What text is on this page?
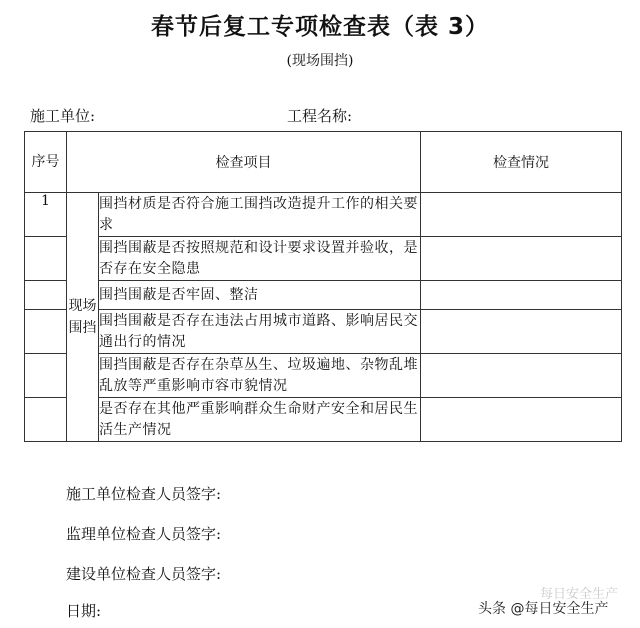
春节后复工专项检查表（表 3）
(现场围挡)
施工单位:	工程名称:
序号	检查项目		检查情况
1	现场围挡	围挡材质是否符合施工围挡改造提升工作的相关要求	
		围挡围蔽是否按照规范和设计要求设置并验收，是否存在安全隐患	
		围挡围蔽是否牢固、整洁	
		围挡围蔽是否存在违法占用城市道路、影响居民交通出行的情况	
		围挡围蔽是否存在杂草丛生、垃圾遍地、杂物乱堆乱放等严重影响市容市貌情况	
		是否存在其他严重影响群众生命财产安全和居民生活生产情况	
施工单位检查人员签字:
监理单位检查人员签字:
建设单位检查人员签字:
日期:
每日安全生产
头条 @每日安全生产
